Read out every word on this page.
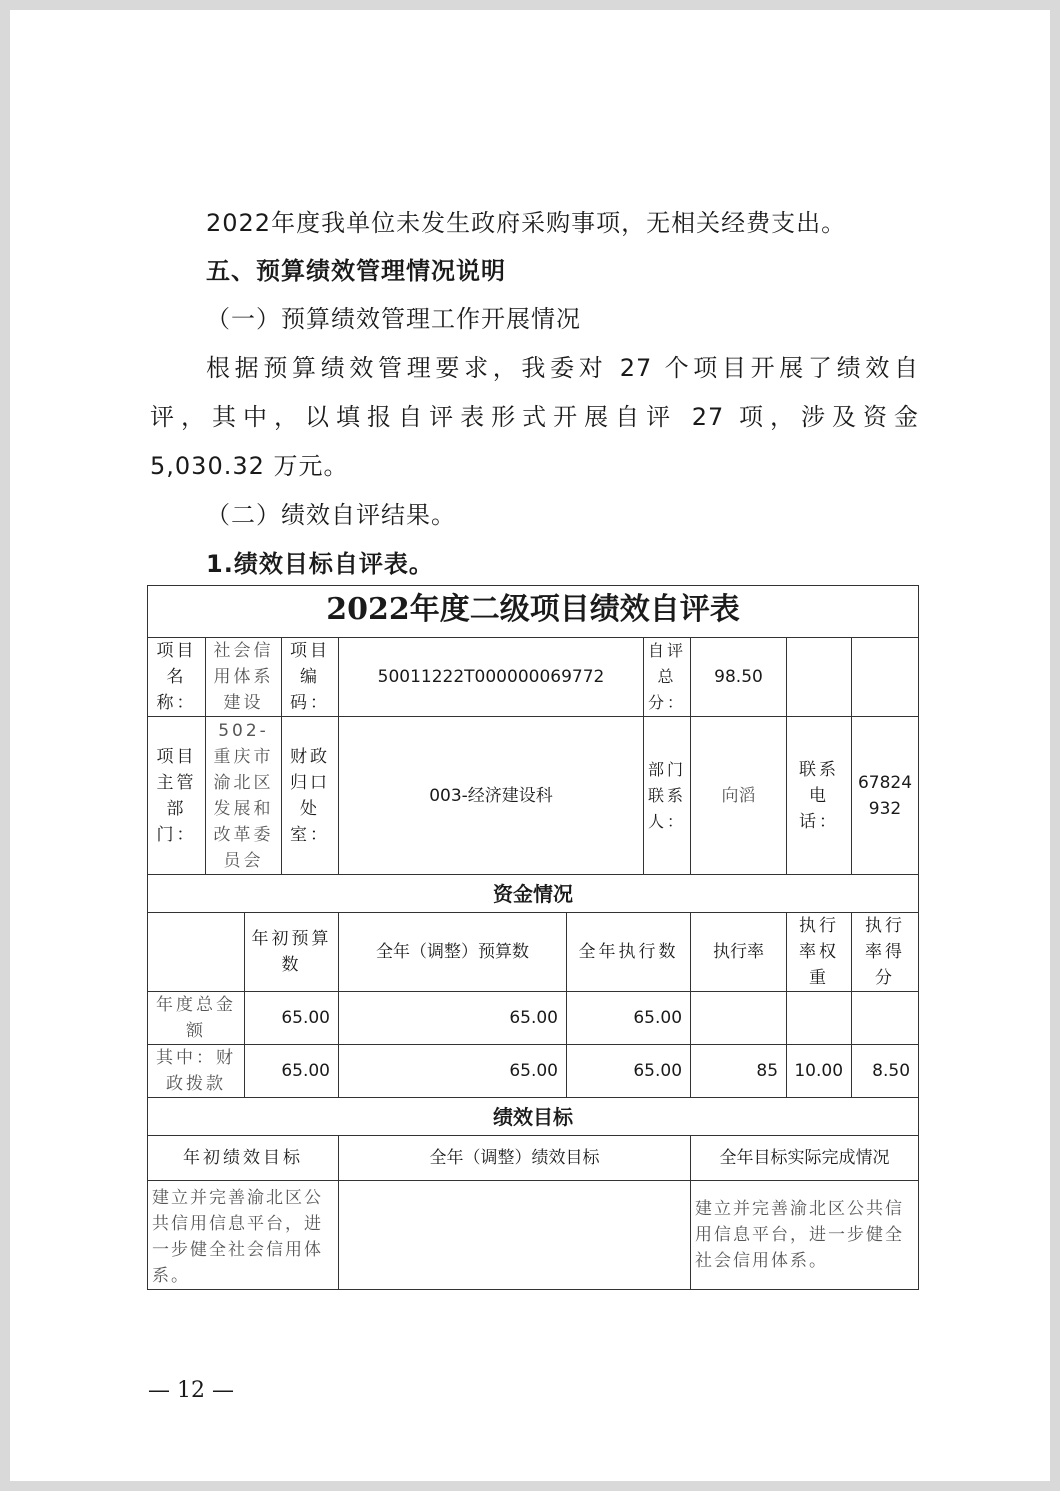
2022年度我单位未发生政府采购事项，无相关经费支出。
五、预算绩效管理情况说明
（一）预算绩效管理工作开展情况
根据预算绩效管理要求，我委对 27 个项目开展了绩效自
评，其中，以填报自评表形式开展自评 27 项，涉及资金
5,030.32 万元。
（二）绩效自评结果。
1.绩效目标自评表。
2022年度二级项目绩效自评表									
项目名称：	社会信用体系建设		项目编码：	50011222T000000069772		自评总分：	98.50		
项目主管部门：	502-重庆市渝北区发展和改革委员会		财政归口处室：	003-经济建设科		部门联系人：	向滔	联系电话：	67824932
资金情况									
		年初预算数		全年（调整）预算数	全年执行数		执行率	执行率权重	执行率得分
年度总金额		65.00		65.00	65.00				
其中：财政拨款		65.00		65.00	65.00		85	10.00	8.50
绩效目标									
年初绩效目标				全年（调整）绩效目标			全年目标实际完成情况		
建立并完善渝北区公共信用信息平台，进一步健全社会信用体系。							建立并完善渝北区公共信用信息平台，进一步健全社会信用体系。		
— 12 —
